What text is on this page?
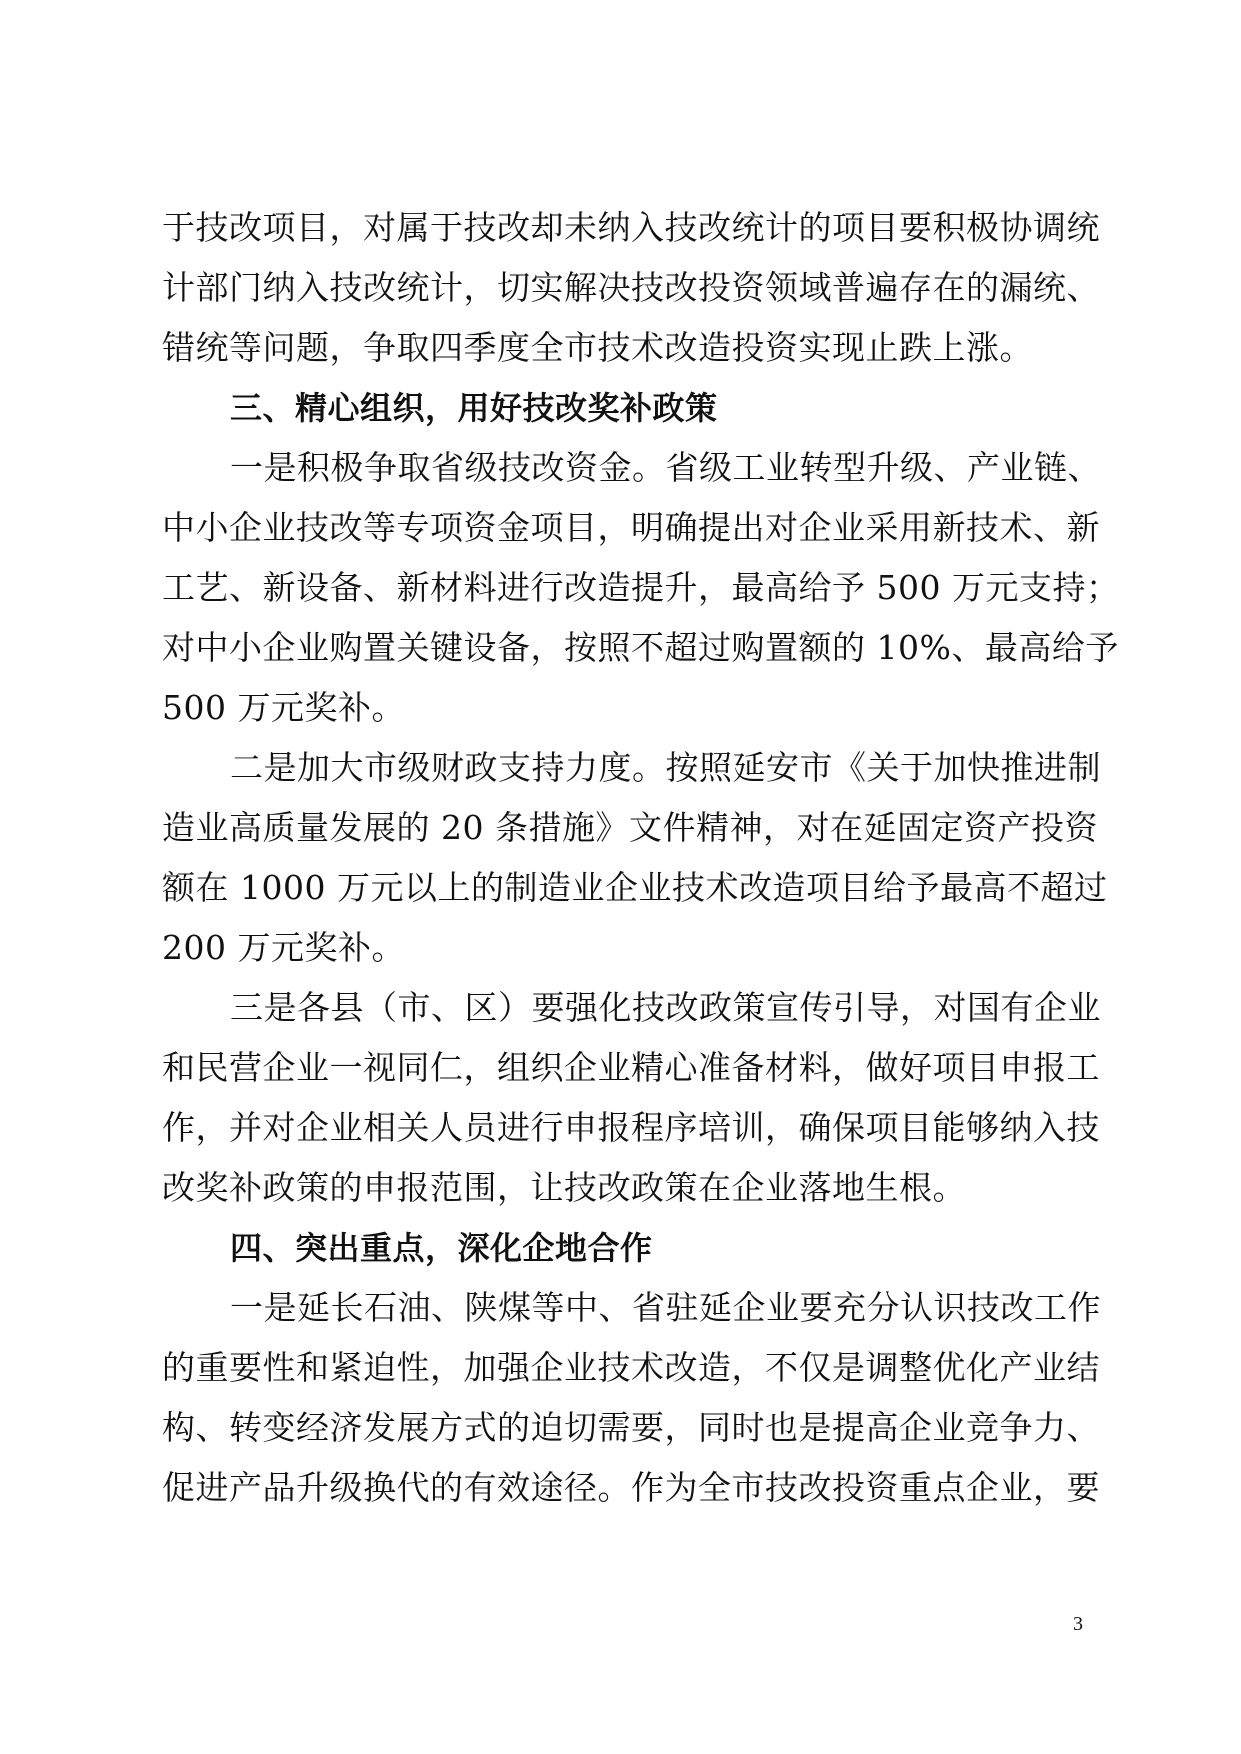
于技改项目，对属于技改却未纳入技改统计的项目要积极协调统
计部门纳入技改统计，切实解决技改投资领域普遍存在的漏统、
错统等问题，争取四季度全市技术改造投资实现止跌上涨。
三、精心组织，用好技改奖补政策
一是积极争取省级技改资金。省级工业转型升级、产业链、
中小企业技改等专项资金项目，明确提出对企业采用新技术、新
工艺、新设备、新材料进行改造提升，最高给予 500 万元支持；
对中小企业购置关键设备，按照不超过购置额的 10%、最高给予
500 万元奖补。
二是加大市级财政支持力度。按照延安市《关于加快推进制
造业高质量发展的 20 条措施》文件精神，对在延固定资产投资
额在 1000 万元以上的制造业企业技术改造项目给予最高不超过
200 万元奖补。
三是各县（市、区）要强化技改政策宣传引导，对国有企业
和民营企业一视同仁，组织企业精心准备材料，做好项目申报工
作，并对企业相关人员进行申报程序培训，确保项目能够纳入技
改奖补政策的申报范围，让技改政策在企业落地生根。
四、突出重点，深化企地合作
一是延长石油、陕煤等中、省驻延企业要充分认识技改工作
的重要性和紧迫性，加强企业技术改造，不仅是调整优化产业结
构、转变经济发展方式的迫切需要，同时也是提高企业竞争力、
促进产品升级换代的有效途径。作为全市技改投资重点企业，要
3
